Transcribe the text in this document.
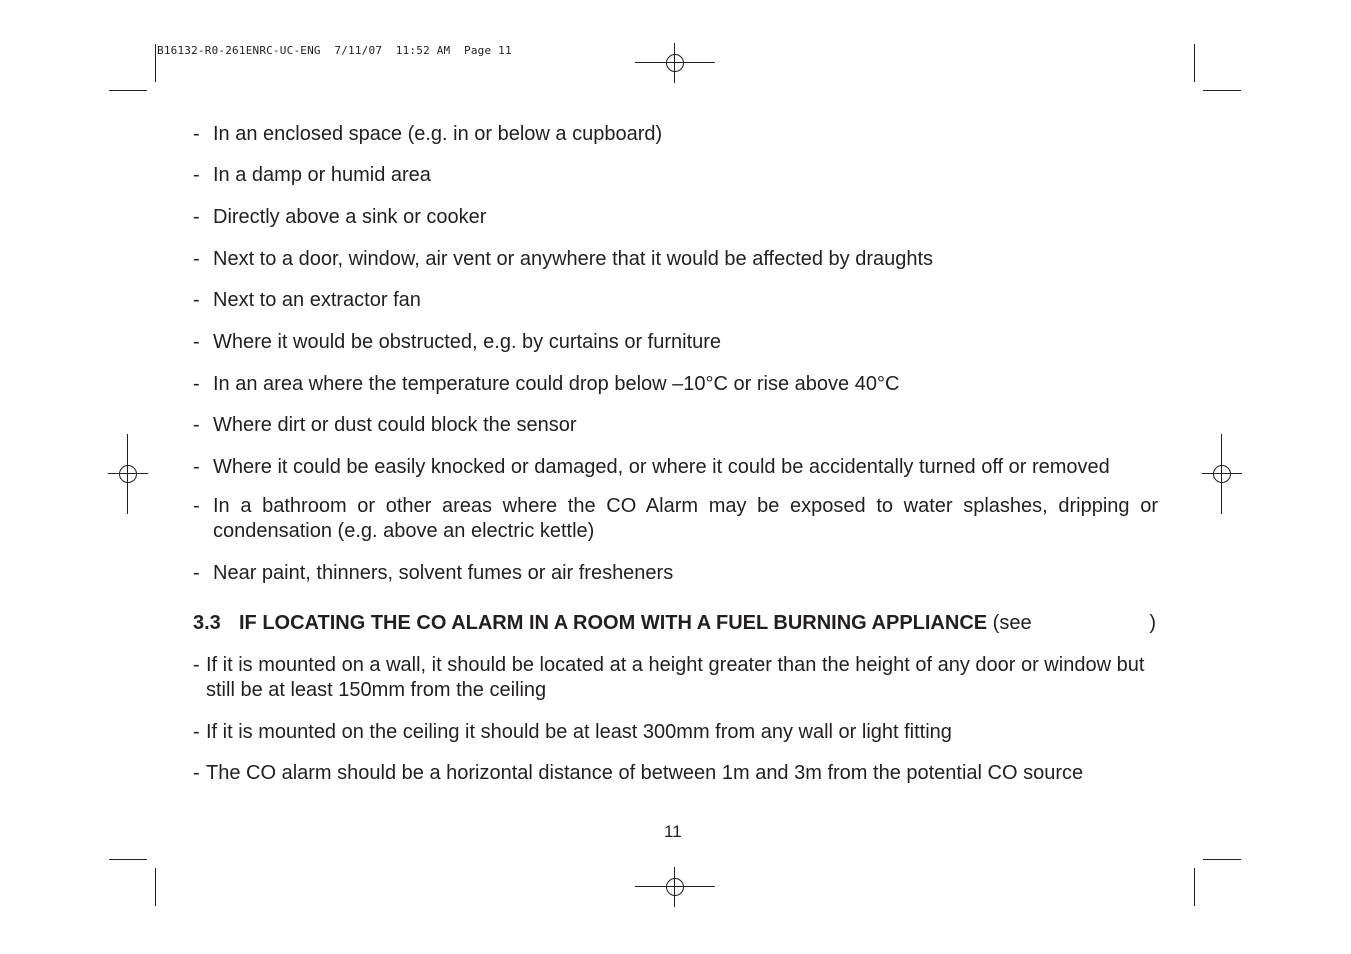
B16132-R0-261ENRC-UC-ENG  7/11/07  11:52 AM  Page 11
- In an enclosed space (e.g. in or below a cupboard)
- In a damp or humid area
- Directly above a sink or cooker
- Next to a door, window, air vent or anywhere that it would be affected by draughts
- Next to an extractor fan
- Where it would be obstructed, e.g. by curtains or furniture
- In an area where the temperature could drop below –10°C or rise above 40°C
- Where dirt or dust could block the sensor
- Where it could be easily knocked or damaged, or where it could be accidentally turned off or removed
- In a bathroom or other areas where the CO Alarm may be exposed to water splashes, dripping or condensation (e.g. above an electric kettle)
- Near paint, thinners, solvent fumes or air fresheners
3.3 IF LOCATING THE CO ALARM IN A ROOM WITH A FUEL BURNING APPLIANCE (see	)
- If it is mounted on a wall, it should be located at a height greater than the height of any door or window but still be at least 150mm from the ceiling
- If it is mounted on the ceiling it should be at least 300mm from any wall or light fitting
- The CO alarm should be a horizontal distance of between 1m and 3m from the potential CO source
11
